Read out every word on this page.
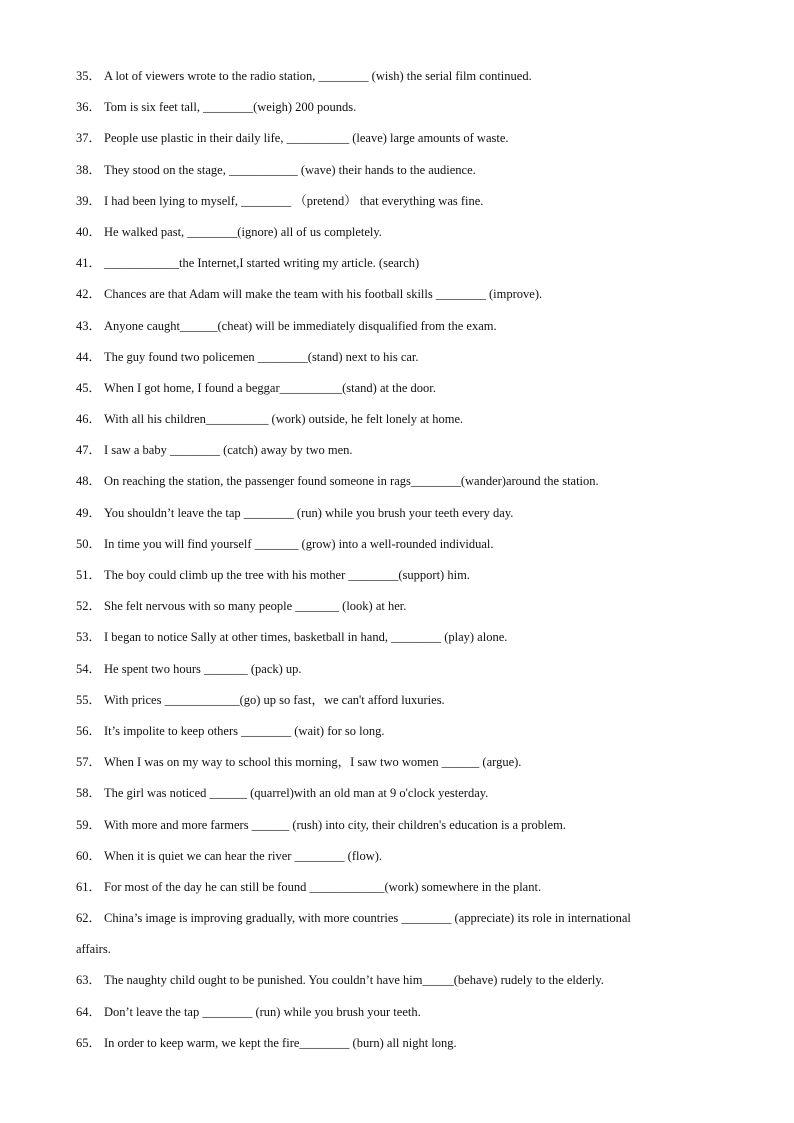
35． A lot of viewers wrote to the radio station, ________ (wish) the serial film continued.
36． Tom is six feet tall, ________(weigh) 200 pounds.
37． People use plastic in their daily life, __________ (leave) large amounts of waste.
38． They stood on the stage, ___________ (wave) their hands to the audience.
39． I had been lying to myself, ________ （pretend） that everything was fine.
40． He walked past, ________(ignore) all of us completely.
41． ____________the Internet,I started writing my article. (search)
42． Chances are that Adam will make the team with his football skills ________ (improve).
43． Anyone caught______(cheat) will be immediately disqualified from the exam.
44． The guy found two policemen ________(stand) next to his car.
45． When I got home, I found a beggar__________(stand) at the door.
46． With all his children__________ (work) outside, he felt lonely at home.
47． I saw a baby ________ (catch) away by two men.
48． On reaching the station, the passenger found someone in rags________(wander)around the station.
49． You shouldn’t leave the tap ________ (run) while you brush your teeth every day.
50． In time you will find yourself _______ (grow) into a well-rounded individual.
51． The boy could climb up the tree with his mother ________(support) him.
52． She felt nervous with so many people _______ (look) at her.
53． I began to notice Sally at other times, basketball in hand, ________ (play) alone.
54． He spent two hours _______ (pack) up.
55． With prices ____________(go) up so fast，we can't afford luxuries.
56． It’s impolite to keep others ________ (wait) for so long.
57． When I was on my way to school this morning，I saw two women ______ (argue).
58． The girl was noticed ______ (quarrel)with an old man at 9 o'clock yesterday.
59． With more and more farmers ______ (rush) into city, their children's education is a problem.
60． When it is quiet we can hear the river ________ (flow).
61． For most of the day he can still be found ____________(work) somewhere in the plant.
62． China’s image is improving gradually, with more countries ________ (appreciate) its role in international
affairs.
63． The naughty child ought to be punished. You couldn’t have him_____(behave) rudely to the elderly.
64． Don’t leave the tap ________ (run) while you brush your teeth.
65． In order to keep warm, we kept the fire________ (burn) all night long.
